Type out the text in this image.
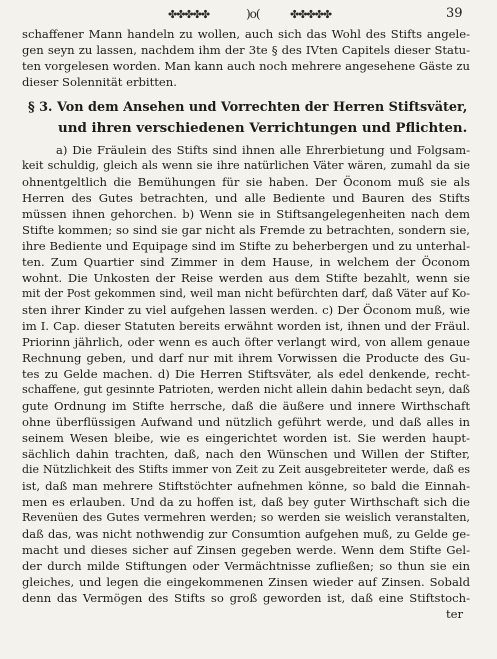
✤✤✤✤✤	)o(	✤✤✤✤✤	39
schaffener Mann handeln zu wollen, auch sich das Wohl des Stifts angele-
gen seyn zu lassen, nachdem ihm der 3te § des IVten Capitels dieser Statu-
ten vorgelesen worden. Man kann auch noch mehrere angesehene Gäste zu
dieser Solennität erbitten.
§ 3. Von dem Ansehen und Vorrechten der Herren Stiftsväter,
und ihren verschiedenen Verrichtungen und Pflichten.
a) Die Fräulein des Stifts sind ihnen alle Ehrerbietung und Folgsam-
keit schuldig, gleich als wenn sie ihre natürlichen Väter wären, zumahl da sie
ohnentgeltlich die Bemühungen für sie haben. Der Öconom muß sie als
Herren des Gutes betrachten, und alle Bediente und Bauren des Stifts
müssen ihnen gehorchen. b) Wenn sie in Stiftsangelegenheiten nach dem
Stifte kommen; so sind sie gar nicht als Fremde zu betrachten, sondern sie,
ihre Bediente und Equipage sind im Stifte zu beherbergen und zu unterhal-
ten. Zum Quartier sind Zimmer in dem Hause, in welchem der Öconom
wohnt. Die Unkosten der Reise werden aus dem Stifte bezahlt, wenn sie
mit der Post gekommen sind, weil man nicht befürchten darf, daß Väter auf Ko-
sten ihrer Kinder zu viel aufgehen lassen werden. c) Der Öconom muß, wie
im I. Cap. dieser Statuten bereits erwähnt worden ist, ihnen und der Fräul.
Priorinn jährlich, oder wenn es auch öfter verlangt wird, von allem genaue
Rechnung geben, und darf nur mit ihrem Vorwissen die Producte des Gu-
tes zu Gelde machen. d) Die Herren Stiftsväter, als edel denkende, recht-
schaffene, gut gesinnte Patrioten, werden nicht allein dahin bedacht seyn, daß
gute Ordnung im Stifte herrsche, daß die äußere und innere Wirthschaft
ohne überflüssigen Aufwand und nützlich geführt werde, und daß alles in
seinem Wesen bleibe, wie es eingerichtet worden ist. Sie werden haupt-
sächlich dahin trachten, daß, nach den Wünschen und Willen der Stifter,
die Nützlichkeit des Stifts immer von Zeit zu Zeit ausgebreiteter werde, daß es
ist, daß man mehrere Stiftstöchter aufnehmen könne, so bald die Einnah-
men es erlauben. Und da zu hoffen ist, daß bey guter Wirthschaft sich die
Revenüen des Gutes vermehren werden; so werden sie weislich veranstalten,
daß das, was nicht nothwendig zur Consumtion aufgehen muß, zu Gelde ge-
macht und dieses sicher auf Zinsen gegeben werde. Wenn dem Stifte Gel-
der durch milde Stiftungen oder Vermächtnisse zufließen; so thun sie ein
gleiches, und legen die eingekommenen Zinsen wieder auf Zinsen. Sobald
denn das Vermögen des Stifts so groß geworden ist, daß eine Stiftstoch-
ter
